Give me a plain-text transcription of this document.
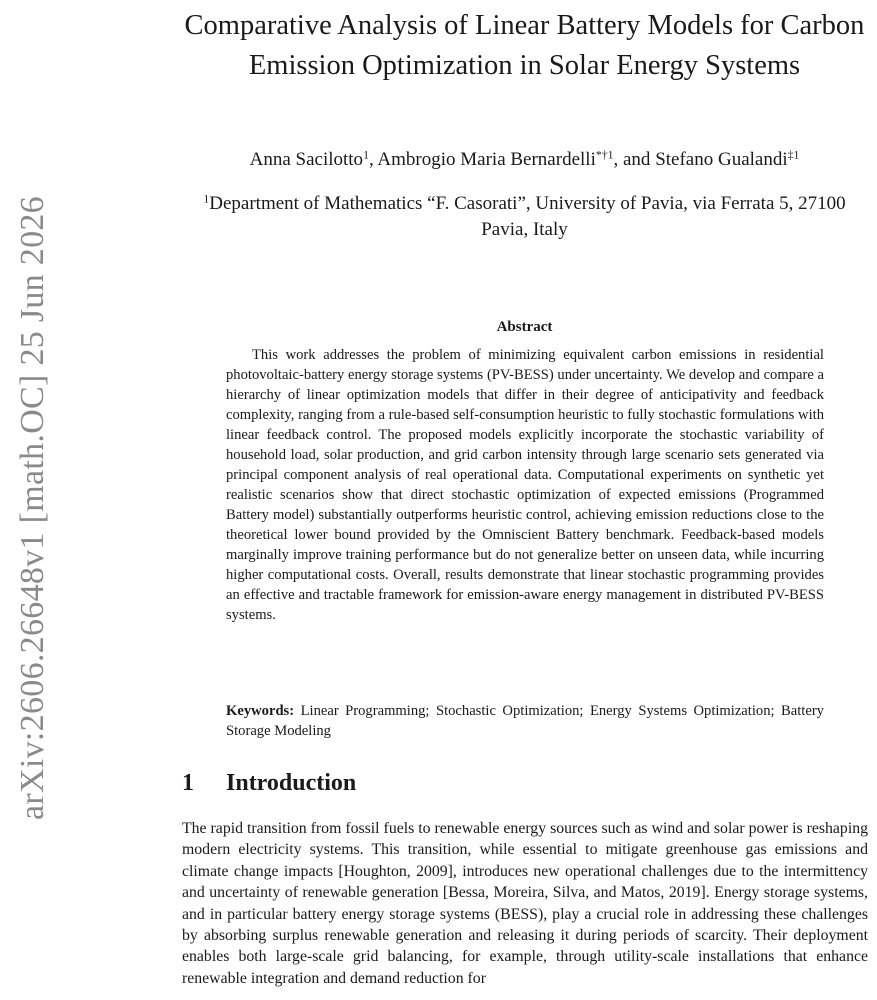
arXiv:2606.26648v1 [math.OC] 25 Jun 2026
Comparative Analysis of Linear Battery Models for Carbon Emission Optimization in Solar Energy Systems
Anna Sacilotto$^1$, Ambrogio Maria Bernardelli$^{*\dagger 1}$, and Stefano Gualandi$^{\ddagger 1}$
$^1$Department of Mathematics “F. Casorati”, University of Pavia, via Ferrata 5, 27100 Pavia, Italy
Abstract

This work addresses the problem of minimizing equivalent carbon emissions in residential photovoltaic-battery energy storage systems (PV-BESS) under uncertainty. We develop and compare a hierarchy of linear optimization models that differ in their degree of anticipativity and feedback complexity, ranging from a rule-based self-consumption heuristic to fully stochastic formulations with linear feedback control. The proposed models explicitly incorporate the stochastic variability of household load, solar production, and grid carbon intensity through large scenario sets generated via principal component analysis of real operational data. Computational experiments on synthetic yet realistic scenarios show that direct stochastic optimization of expected emissions (Programmed Battery model) substantially outperforms heuristic control, achieving emission reductions close to the theoretical lower bound provided by the Omniscient Battery benchmark. Feedback-based models marginally improve training performance but do not generalize better on unseen data, while incurring higher computational costs. Overall, results demonstrate that linear stochastic programming provides an effective and tractable framework for emission-aware energy management in distributed PV-BESS systems.

Keywords: Linear Programming; Stochastic Optimization; Energy Systems Optimization; Battery Storage Modeling

1 Introduction

The rapid transition from fossil fuels to renewable energy sources such as wind and solar power is reshaping modern electricity systems. This transition, while essential to mitigate greenhouse gas emissions and climate change impacts [Houghton, 2009], introduces new operational challenges due to the intermittency and uncertainty of renewable generation [Bessa, Moreira, Silva, and Matos, 2019]. Energy storage systems, and in particular battery energy storage systems (BESS), play a crucial role in addressing these challenges by absorbing surplus renewable generation and releasing it during periods of scarcity. Their deployment enables both large-scale grid balancing, for example, through utility-scale installations that enhance renewable integration and demand reduction for
